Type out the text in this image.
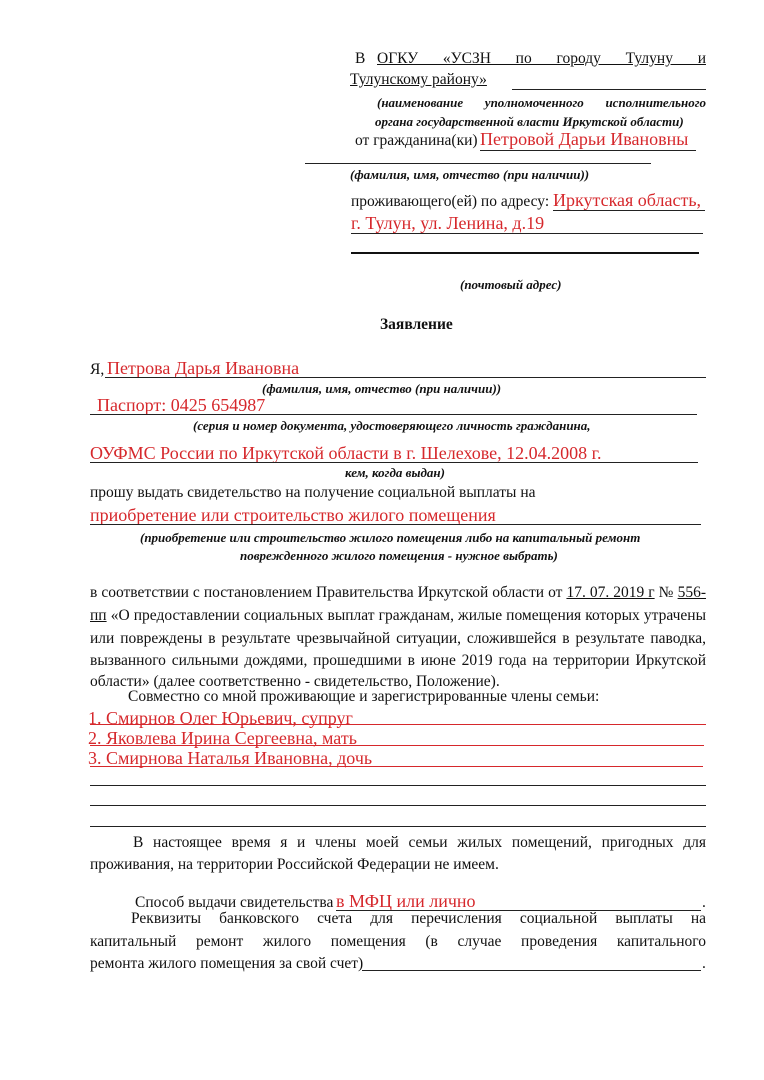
В ОГКУ «УСЗН по городу Тулуну и
Тулунскому району»
(наименование уполномоченного исполнительного
органа государственной власти Иркутской области)
от гражданина(ки) Петровой Дарьи Ивановны
(фамилия, имя, отчество (при наличии))
проживающего(ей) по адресу: Иркутская область,
г. Тулун, ул. Ленина, д.19
(почтовый адрес)
Заявление
Я, Петрова Дарья Ивановна
(фамилия, имя, отчество (при наличии))
Паспорт: 0425 654987
(серия и номер документа, удостоверяющего личность гражданина,
ОУФМС России по Иркутской области в г. Шелехове, 12.04.2008 г.
кем, когда выдан)
прошу выдать свидетельство на получение социальной выплаты на
приобретение или строительство жилого помещения
(приобретение или строительство жилого помещения либо на капитальный ремонт
поврежденного жилого помещения - нужное выбрать)
в соответствии с постановлением Правительства Иркутской области от 17. 07. 2019 г № 556-
пп «О предоставлении социальных выплат гражданам, жилые помещения которых утрачены
или повреждены в результате чрезвычайной ситуации, сложившейся в результате паводка,
вызванного сильными дождями, прошедшими в июне 2019 года на территории Иркутской
области» (далее соответственно - свидетельство, Положение).
Совместно со мной проживающие и зарегистрированные члены семьи:
1. Смирнов Олег Юрьевич, супруг
2. Яковлева Ирина Сергеевна, мать
3. Смирнова Наталья Ивановна, дочь
В настоящее время я и члены моей семьи жилых помещений, пригодных для
проживания, на территории Российской Федерации не имеем.
Способ выдачи свидетельства в МФЦ или лично	.
Реквизиты банковского счета для перечисления социальной выплаты на
капитальный ремонт жилого помещения (в случае проведения капитального
ремонта жилого помещения за свой счет)	.
